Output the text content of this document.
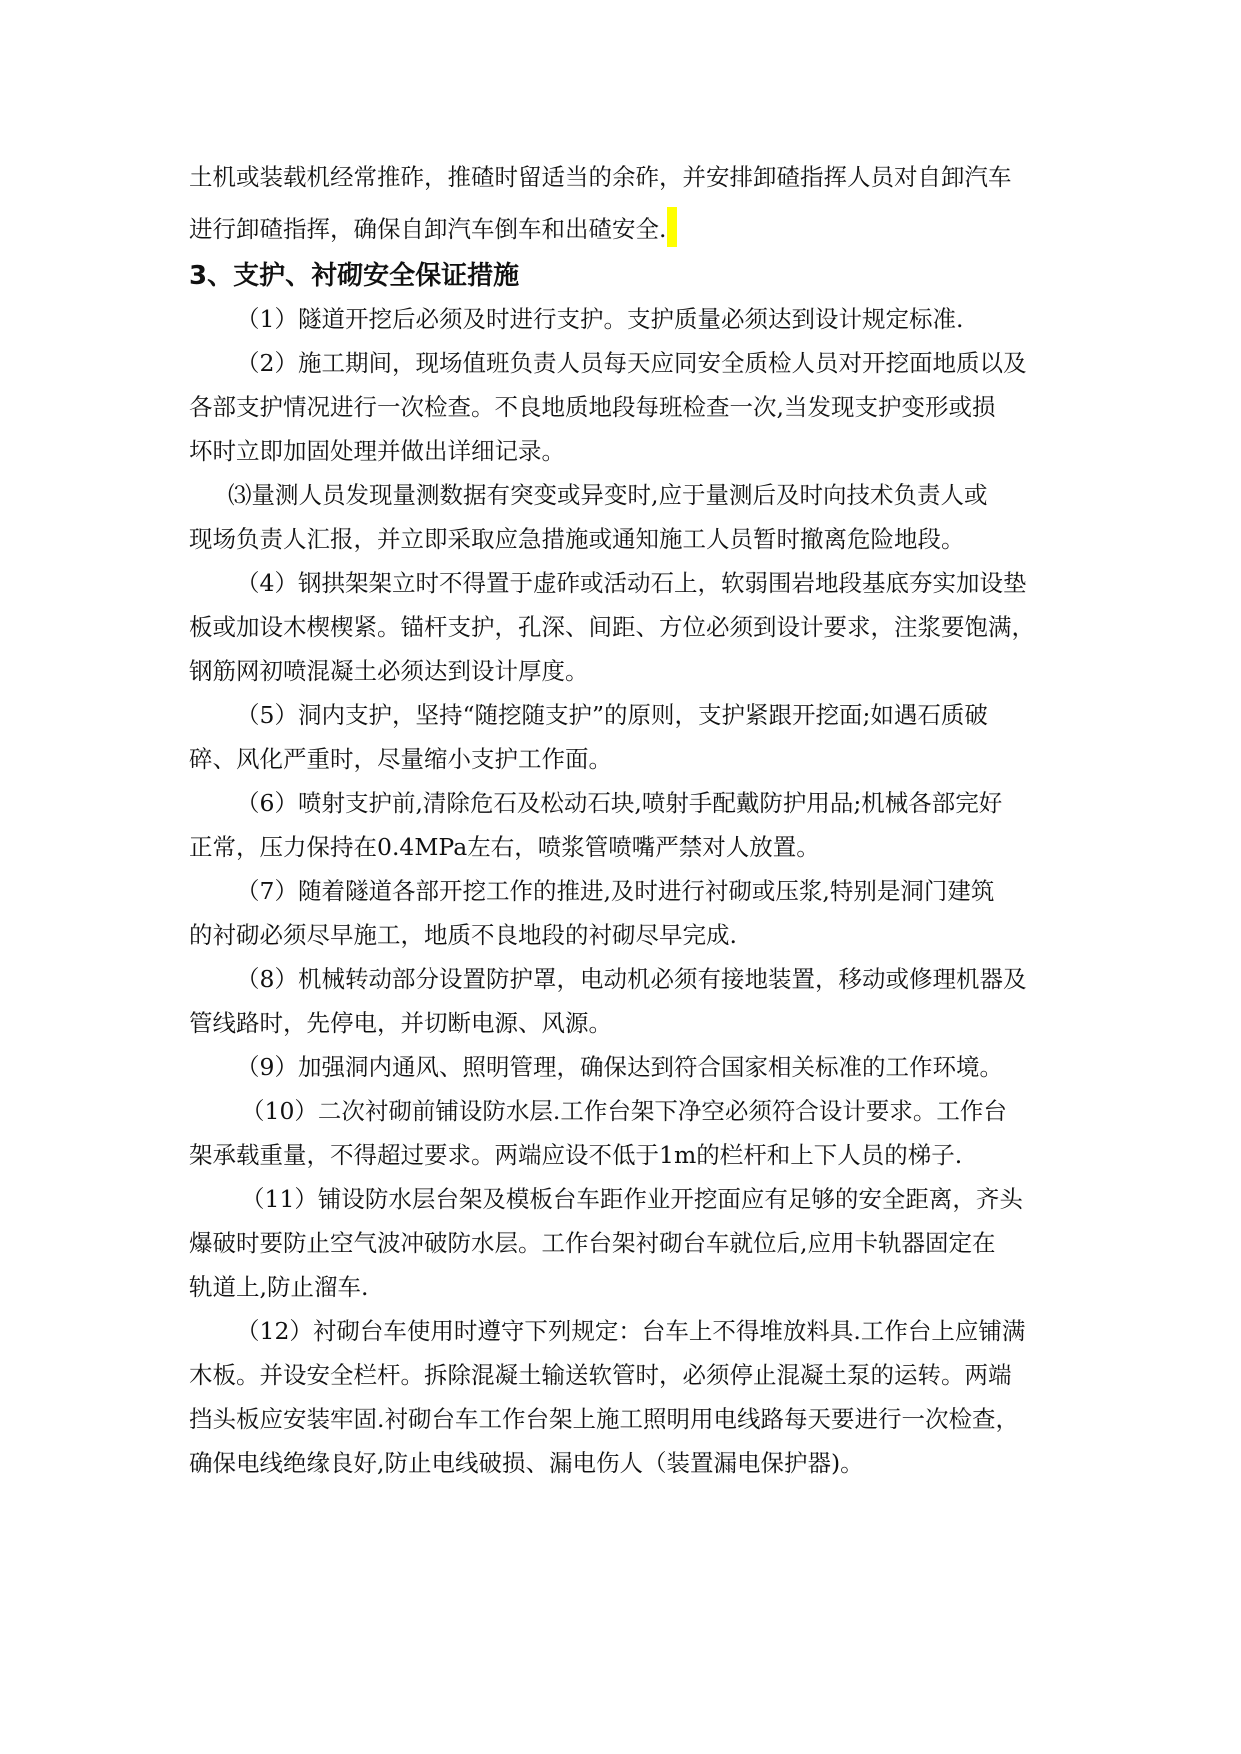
土机或装载机经常推砟，推碴时留适当的余砟，并安排卸碴指挥人员对自卸汽车
进行卸碴指挥，确保自卸汽车倒车和出碴安全.
3、支护、衬砌安全保证措施
（1）隧道开挖后必须及时进行支护。支护质量必须达到设计规定标准.
（2）施工期间，现场值班负责人员每天应同安全质检人员对开挖面地质以及
各部支护情况进行一次检查。不良地质地段每班检查一次,当发现支护变形或损
坏时立即加固处理并做出详细记录。
⑶量测人员发现量测数据有突变或异变时,应于量测后及时向技术负责人或
现场负责人汇报，并立即采取应急措施或通知施工人员暂时撤离危险地段。
（4）钢拱架架立时不得置于虚砟或活动石上，软弱围岩地段基底夯实加设垫
板或加设木楔楔紧。锚杆支护，孔深、间距、方位必须到设计要求，注浆要饱满，
钢筋网初喷混凝土必须达到设计厚度。
（5）洞内支护，坚持“随挖随支护”的原则，支护紧跟开挖面;如遇石质破
碎、风化严重时，尽量缩小支护工作面。
（6）喷射支护前,清除危石及松动石块,喷射手配戴防护用品;机械各部完好
正常，压力保持在0.4MPa左右，喷浆管喷嘴严禁对人放置。
（7）随着隧道各部开挖工作的推进,及时进行衬砌或压浆,特别是洞门建筑
的衬砌必须尽早施工，地质不良地段的衬砌尽早完成.
（8）机械转动部分设置防护罩，电动机必须有接地装置，移动或修理机器及
管线路时，先停电，并切断电源、风源。
（9）加强洞内通风、照明管理，确保达到符合国家相关标准的工作环境。
（10）二次衬砌前铺设防水层.工作台架下净空必须符合设计要求。工作台
架承载重量，不得超过要求。两端应设不低于1m的栏杆和上下人员的梯子.
（11）铺设防水层台架及模板台车距作业开挖面应有足够的安全距离，齐头
爆破时要防止空气波冲破防水层。工作台架衬砌台车就位后,应用卡轨器固定在
轨道上,防止溜车.
（12）衬砌台车使用时遵守下列规定：台车上不得堆放料具.工作台上应铺满
木板。并设安全栏杆。拆除混凝土输送软管时，必须停止混凝土泵的运转。两端
挡头板应安装牢固.衬砌台车工作台架上施工照明用电线路每天要进行一次检查，
确保电线绝缘良好,防止电线破损、漏电伤人（装置漏电保护器)。
